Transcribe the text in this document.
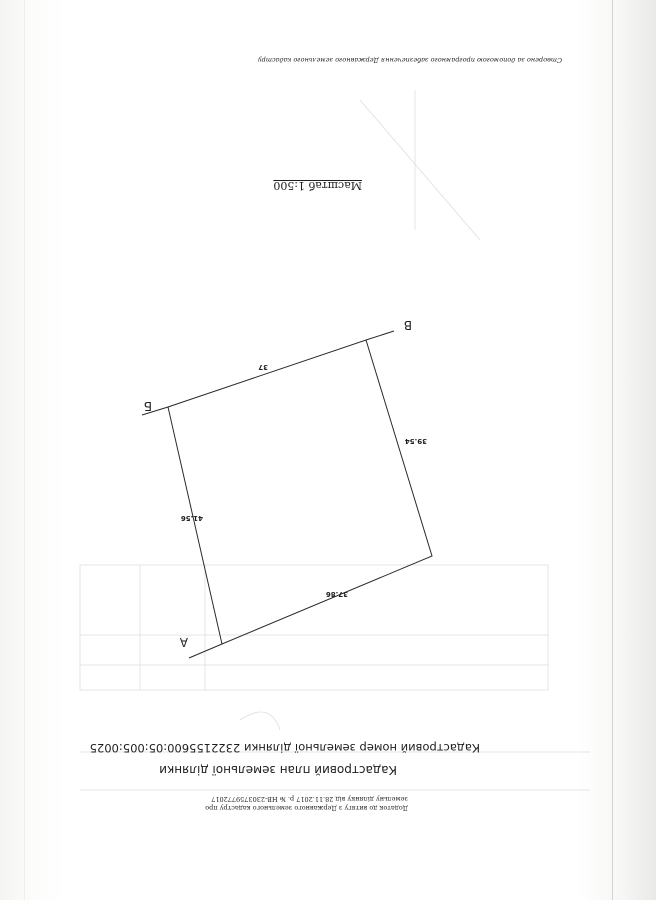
Додаток до витягу з Державного земельного кадастру про
земельну ділянку від 28.11.2017 р. № НВ-2303759772017
Кадастровий план земельної ділянки
Кадастровий номер земельної ділянки 2322155600:05:005:0025
37.86
41.56
37
39.54
А
Б
В
Масштаб 1:500
Створено за допомогою програмного забезпечення Державного земельного кадастру
